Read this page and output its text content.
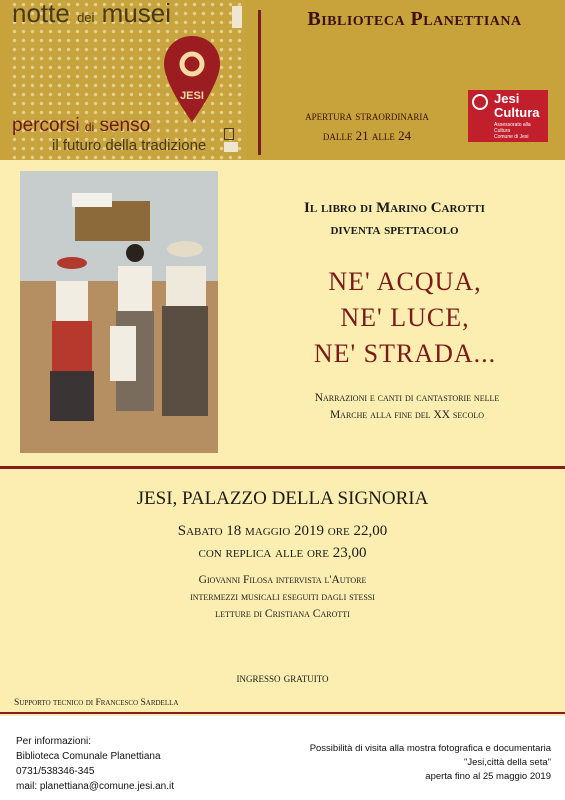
notte dei musei
JESI
percorsi di senso
il futuro della tradizione
Biblioteca Planettiana
apertura straordinaria
dalle 21 alle 24
Jesi
Cultura
Assessorato alla Cultura
Comune di Jesi
Il libro di Marino Carotti
diventa spettacolo
NE' ACQUA,
NE' LUCE,
NE' STRADA...
Narrazioni e canti di cantastorie nelle
Marche alla fine del XX secolo
JESI, PALAZZO DELLA SIGNORIA
Sabato 18 maggio 2019 ore 22,00
con replica alle ore 23,00
Giovanni Filosa intervista l'Autore
intermezzi musicali eseguiti dagli stessi
letture di Cristiana Carotti
ingresso gratuito
Supporto tecnico di Francesco Sardella
Per informazioni:
Biblioteca Comunale Planettiana
0731/538346-345
mail: planettiana@comune.jesi.an.it
Possibilità di visita alla mostra fotografica e documentaria
"Jesi,città della seta"
aperta fino al 25 maggio 2019
